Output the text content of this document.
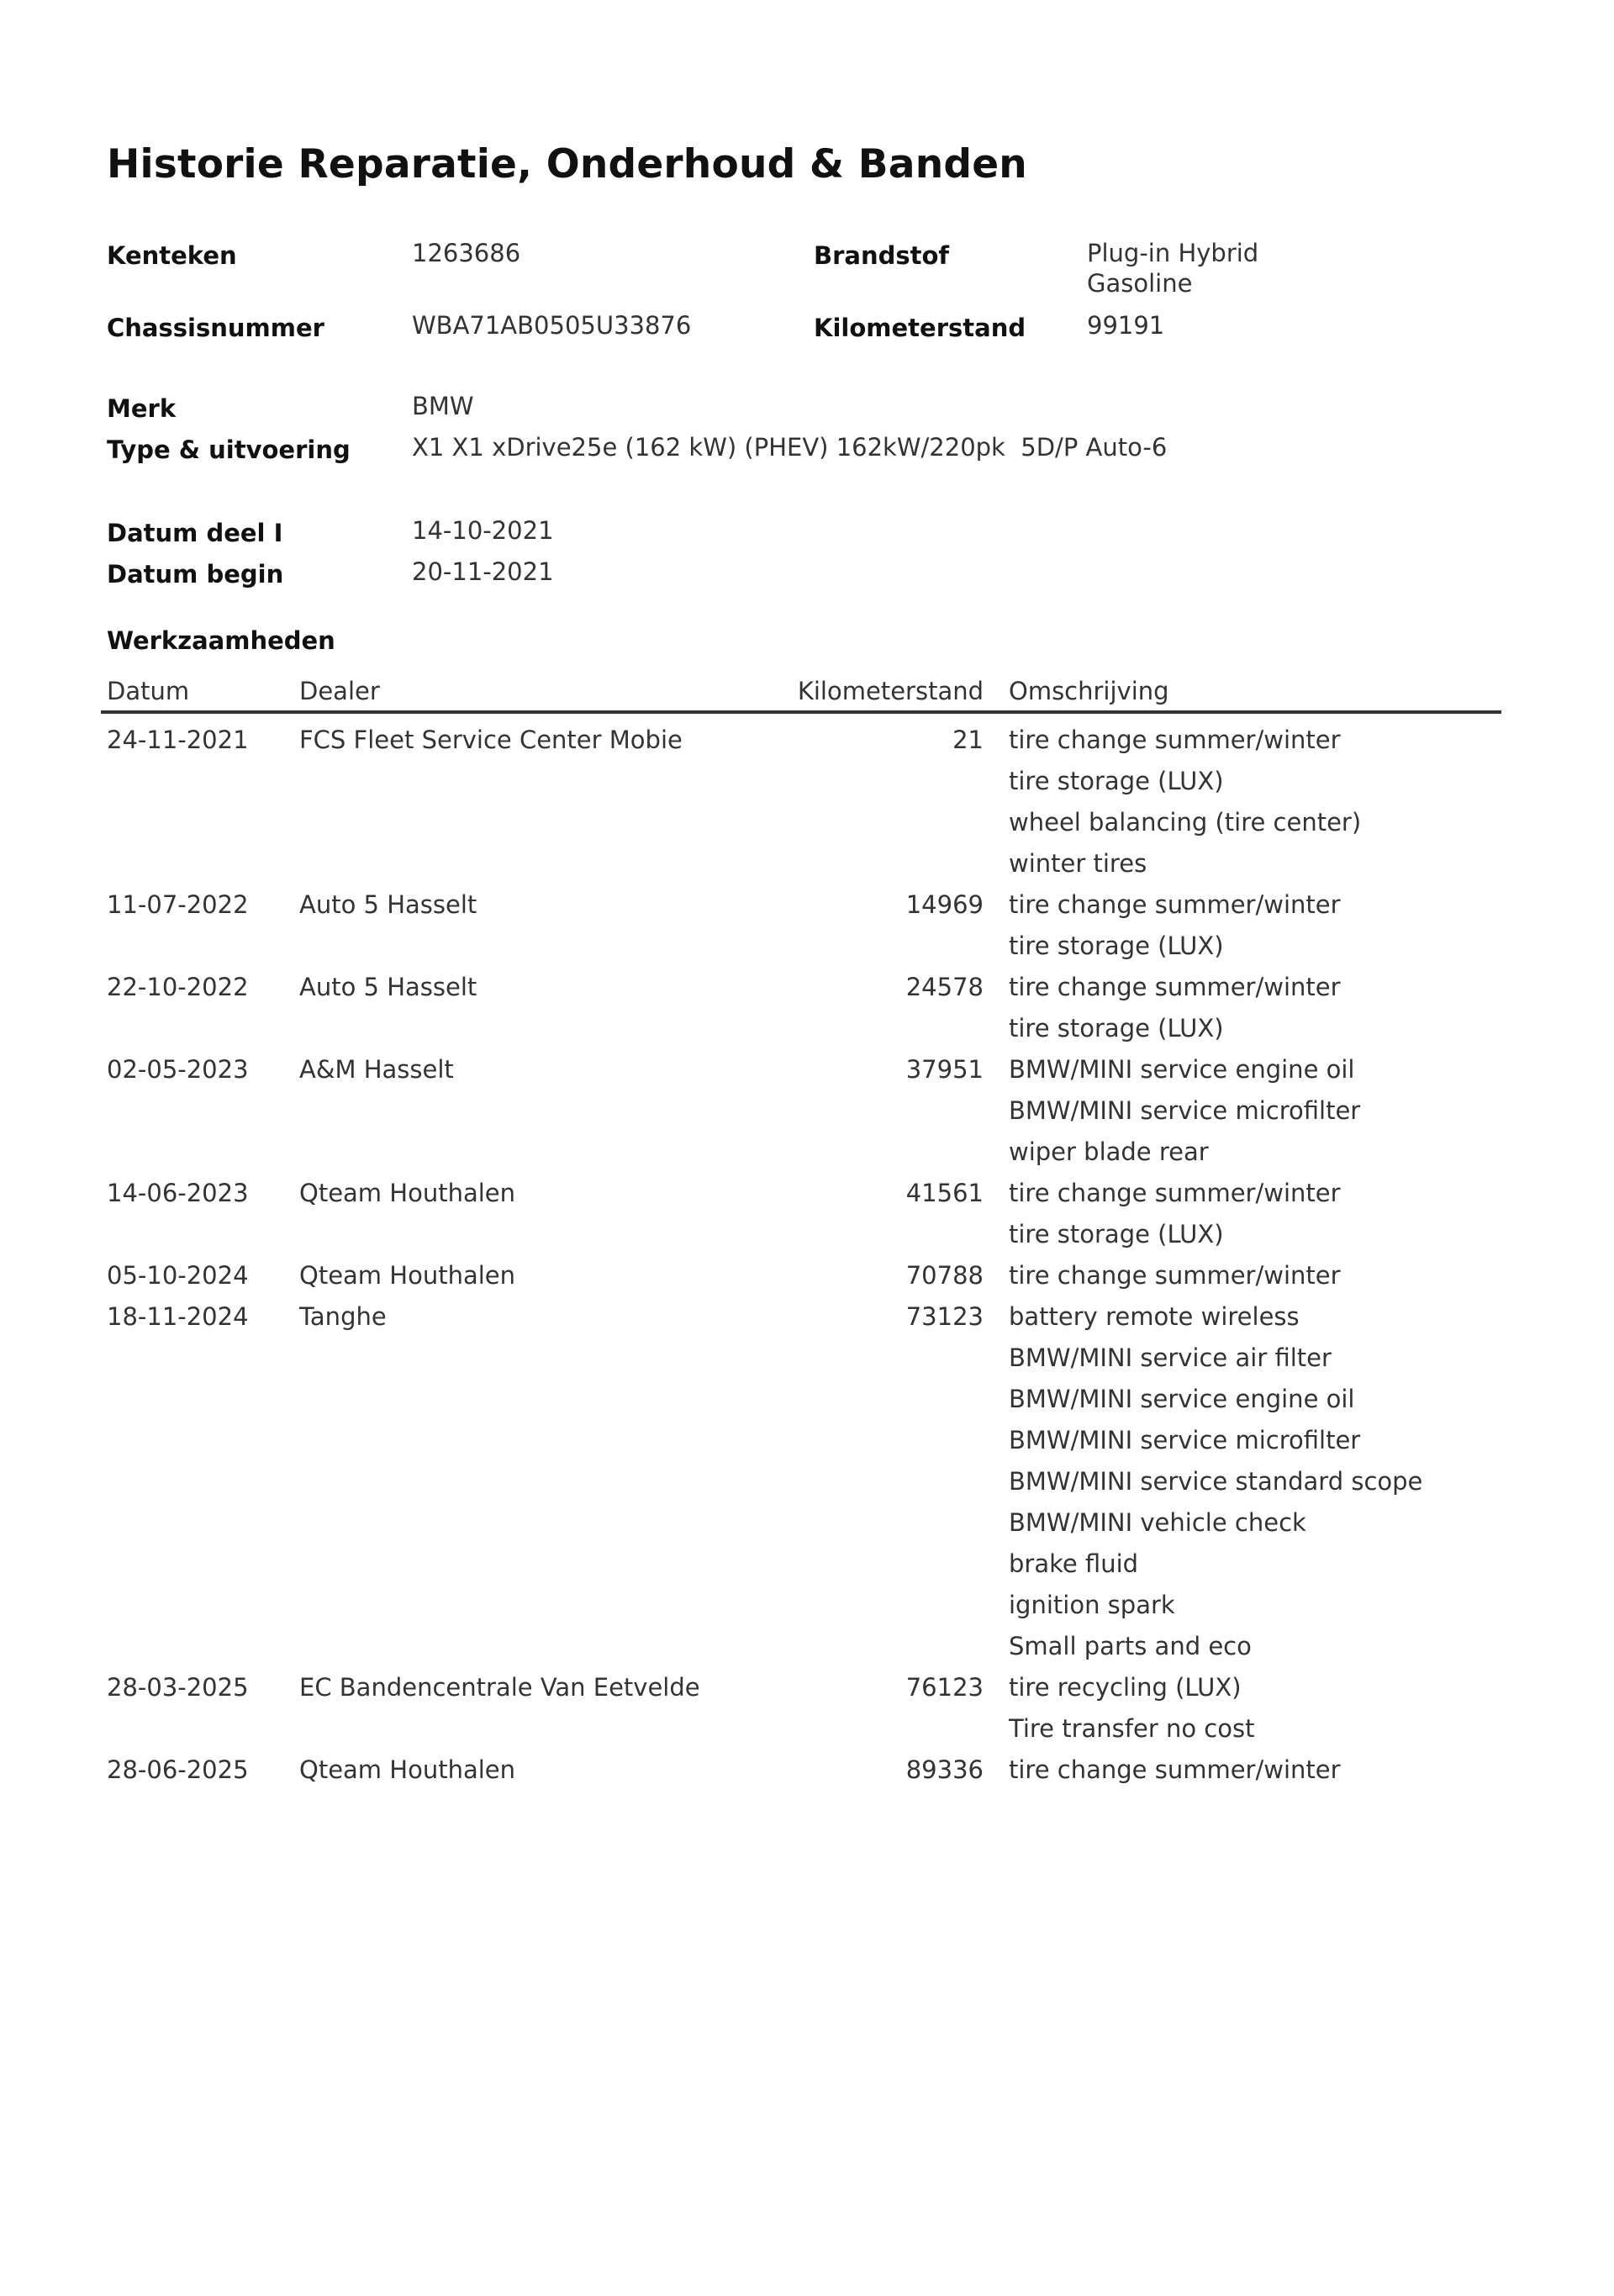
Historie Reparatie, Onderhoud & Banden
Kenteken	1263686	Brandstof	Plug-in Hybrid
Gasoline
Chassisnummer	WBA71AB0505U33876	Kilometerstand	99191
Merk	BMW
Type & uitvoering	X1 X1 xDrive25e (162 kW) (PHEV) 162kW/220pk  5D/P Auto-6
Datum deel I	14-10-2021
Datum begin	20-11-2021
Werkzaamheden
Datum	Dealer	Kilometerstand Omschrijving
24-11-2021 FCS Fleet Service Center Mobie	21 tire change summer/winter
tire storage (LUX)
wheel balancing (tire center)
winter tires
11-07-2022 Auto 5 Hasselt	14969 tire change summer/winter
tire storage (LUX)
22-10-2022 Auto 5 Hasselt	24578 tire change summer/winter
tire storage (LUX)
02-05-2023 A&M Hasselt	37951 BMW/MINI service engine oil
BMW/MINI service microfilter
wiper blade rear
14-06-2023 Qteam Houthalen	41561 tire change summer/winter
tire storage (LUX)
05-10-2024 Qteam Houthalen	70788 tire change summer/winter
18-11-2024 Tanghe	73123 battery remote wireless
BMW/MINI service air filter
BMW/MINI service engine oil
BMW/MINI service microfilter
BMW/MINI service standard scope
BMW/MINI vehicle check
brake fluid
ignition spark
Small parts and eco
28-03-2025 EC Bandencentrale Van Eetvelde	76123 tire recycling (LUX)
Tire transfer no cost
28-06-2025 Qteam Houthalen	89336 tire change summer/winter
